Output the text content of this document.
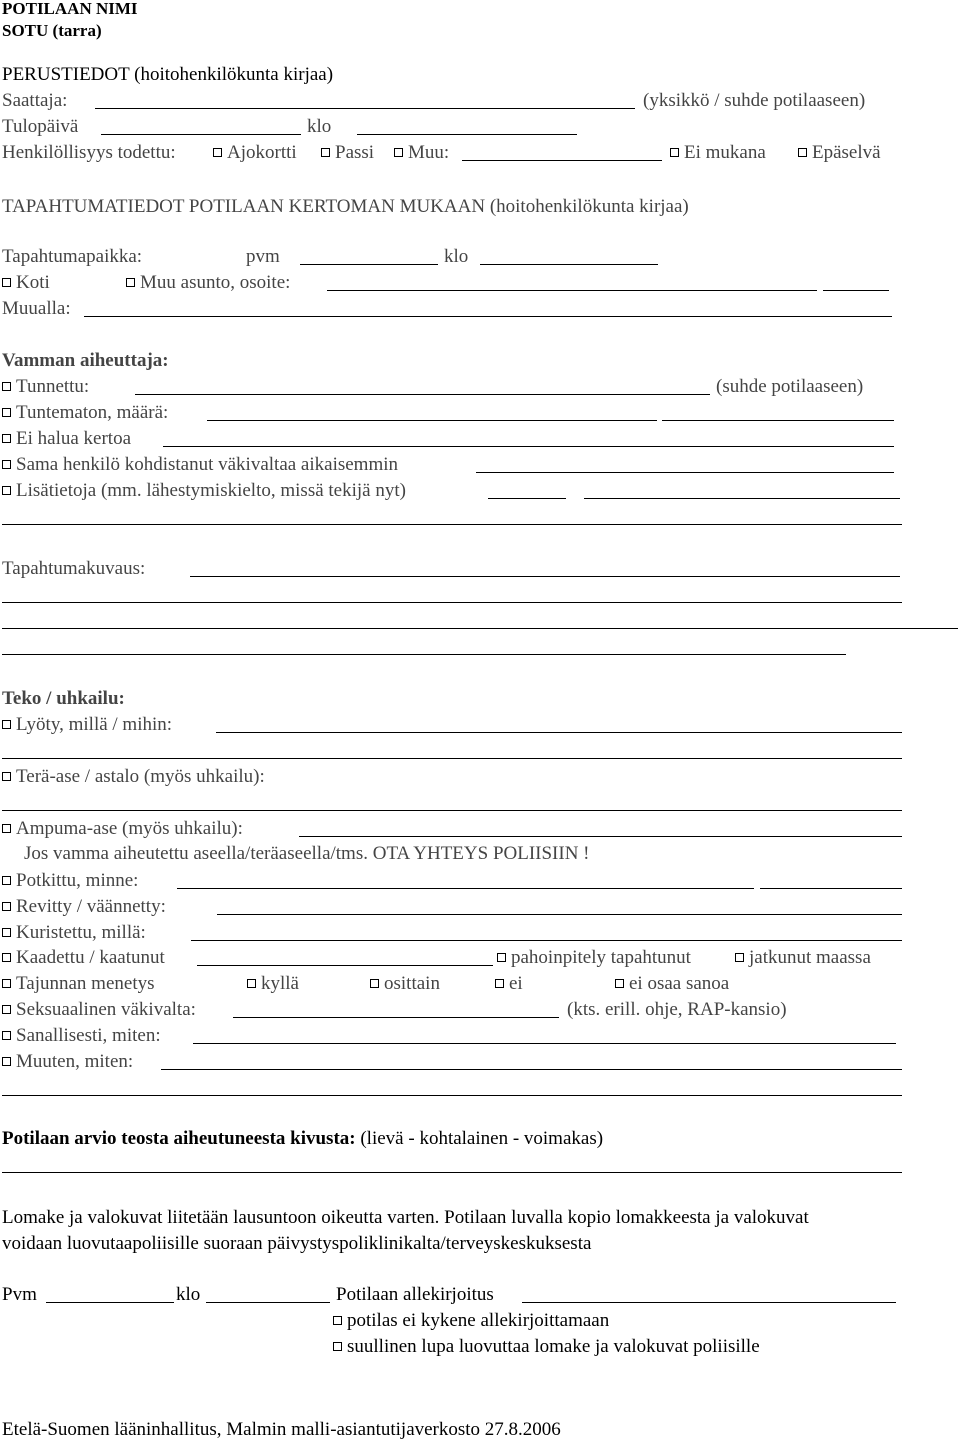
POTILAAN NIMI
SOTU (tarra)
PERUSTIEDOT (hoitohenkilökunta kirjaa)
Saattaja:	(yksikkö / suhde potilaaseen)
Tulopäivä	klo
Henkilöllisyys todettu:	Ajokortti	Passi	Muu:	Ei mukana	Epäselvä
TAPAHTUMATIEDOT POTILAAN KERTOMAN MUKAAN (hoitohenkilökunta kirjaa)
Tapahtumapaikka:	pvm	klo
Koti	Muu asunto, osoite:
Muualla:
Vamman aiheuttaja:
Tunnettu:	(suhde potilaaseen)
Tuntematon, määrä:
Ei halua kertoa
Sama henkilö kohdistanut väkivaltaa aikaisemmin
Lisätietoja (mm. lähestymiskielto, missä tekijä nyt)
Tapahtumakuvaus:
Teko / uhkailu:
Lyöty, millä / mihin:
Terä-ase / astalo (myös uhkailu):
Ampuma-ase (myös uhkailu):
Jos vamma aiheutettu aseella/teräaseella/tms. OTA YHTEYS POLIISIIN !
Potkittu, minne:
Revitty / väännetty:
Kuristettu, millä:
Kaadettu / kaatunut	pahoinpitely tapahtunut	jatkunut maassa
Tajunnan menetys	kyllä	osittain	ei	ei osaa sanoa
Seksuaalinen väkivalta:	(kts. erill. ohje, RAP-kansio)
Sanallisesti, miten:
Muuten, miten:
Potilaan arvio teosta aiheutuneesta kivusta: (lievä - kohtalainen - voimakas)
Lomake ja valokuvat liitetään lausuntoon oikeutta varten. Potilaan luvalla kopio lomakkeesta ja valokuvat
voidaan luovutaapoliisille suoraan päivystyspoliklinikalta/terveyskeskuksesta
Pvm	klo	Potilaan allekirjoitus
potilas ei kykene allekirjoittamaan
suullinen lupa luovuttaa lomake ja valokuvat poliisille
Etelä-Suomen lääninhallitus, Malmin malli-asiantutijaverkosto 27.8.2006
